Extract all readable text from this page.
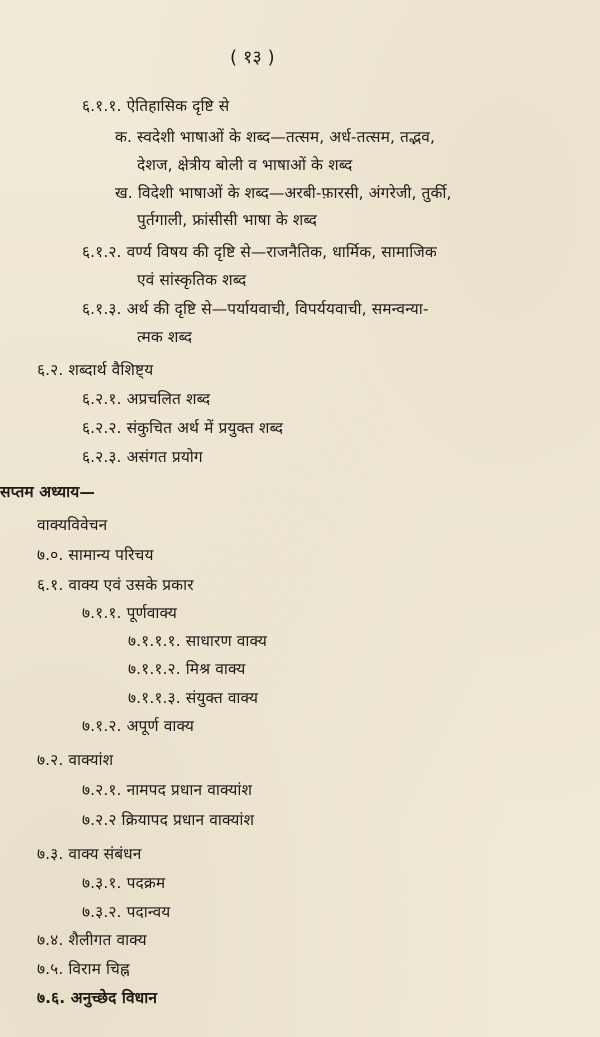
( १३ )
६.१.१. ऐतिहासिक दृष्टि से
क. स्वदेशी भाषाओं के शब्द—तत्सम, अर्ध-तत्सम, तद्भव,
देशज, क्षेत्रीय बोली व भाषाओं के शब्द
ख. विदेशी भाषाओं के शब्द—अरबी-फ़ारसी, अंगरेजी, तुर्की,
पुर्तगाली, फ्रांसीसी भाषा के शब्द
६.१.२. वर्ण्य विषय की दृष्टि से—राजनैतिक, धार्मिक, सामाजिक
एवं सांस्कृतिक शब्द
६.१.३. अर्थ की दृष्टि से—पर्यायवाची, विपर्ययवाची, समन्वन्या-
त्मक शब्द
६.२. शब्दार्थ वैशिष्ट्य
६.२.१. अप्रचलित शब्द
६.२.२. संकुचित अर्थ में प्रयुक्त शब्द
६.२.३. असंगत प्रयोग
सप्तम अध्याय—
वाक्यविवेचन
७.०. सामान्य परिचय
६.१. वाक्य एवं उसके प्रकार
७.१.१. पूर्णवाक्य
७.१.१.१. साधारण वाक्य
७.१.१.२. मिश्र वाक्य
७.१.१.३. संयुक्त वाक्य
७.१.२. अपूर्ण वाक्य
७.२. वाक्यांश
७.२.१. नामपद प्रधान वाक्यांश
७.२.२ क्रियापद प्रधान वाक्यांश
७.३. वाक्य संबंधन
७.३.१. पदक्रम
७.३.२. पदान्वय
७.४. शैलीगत वाक्य
७.५. विराम चिह्न
७.६. अनुच्छेद विधान
